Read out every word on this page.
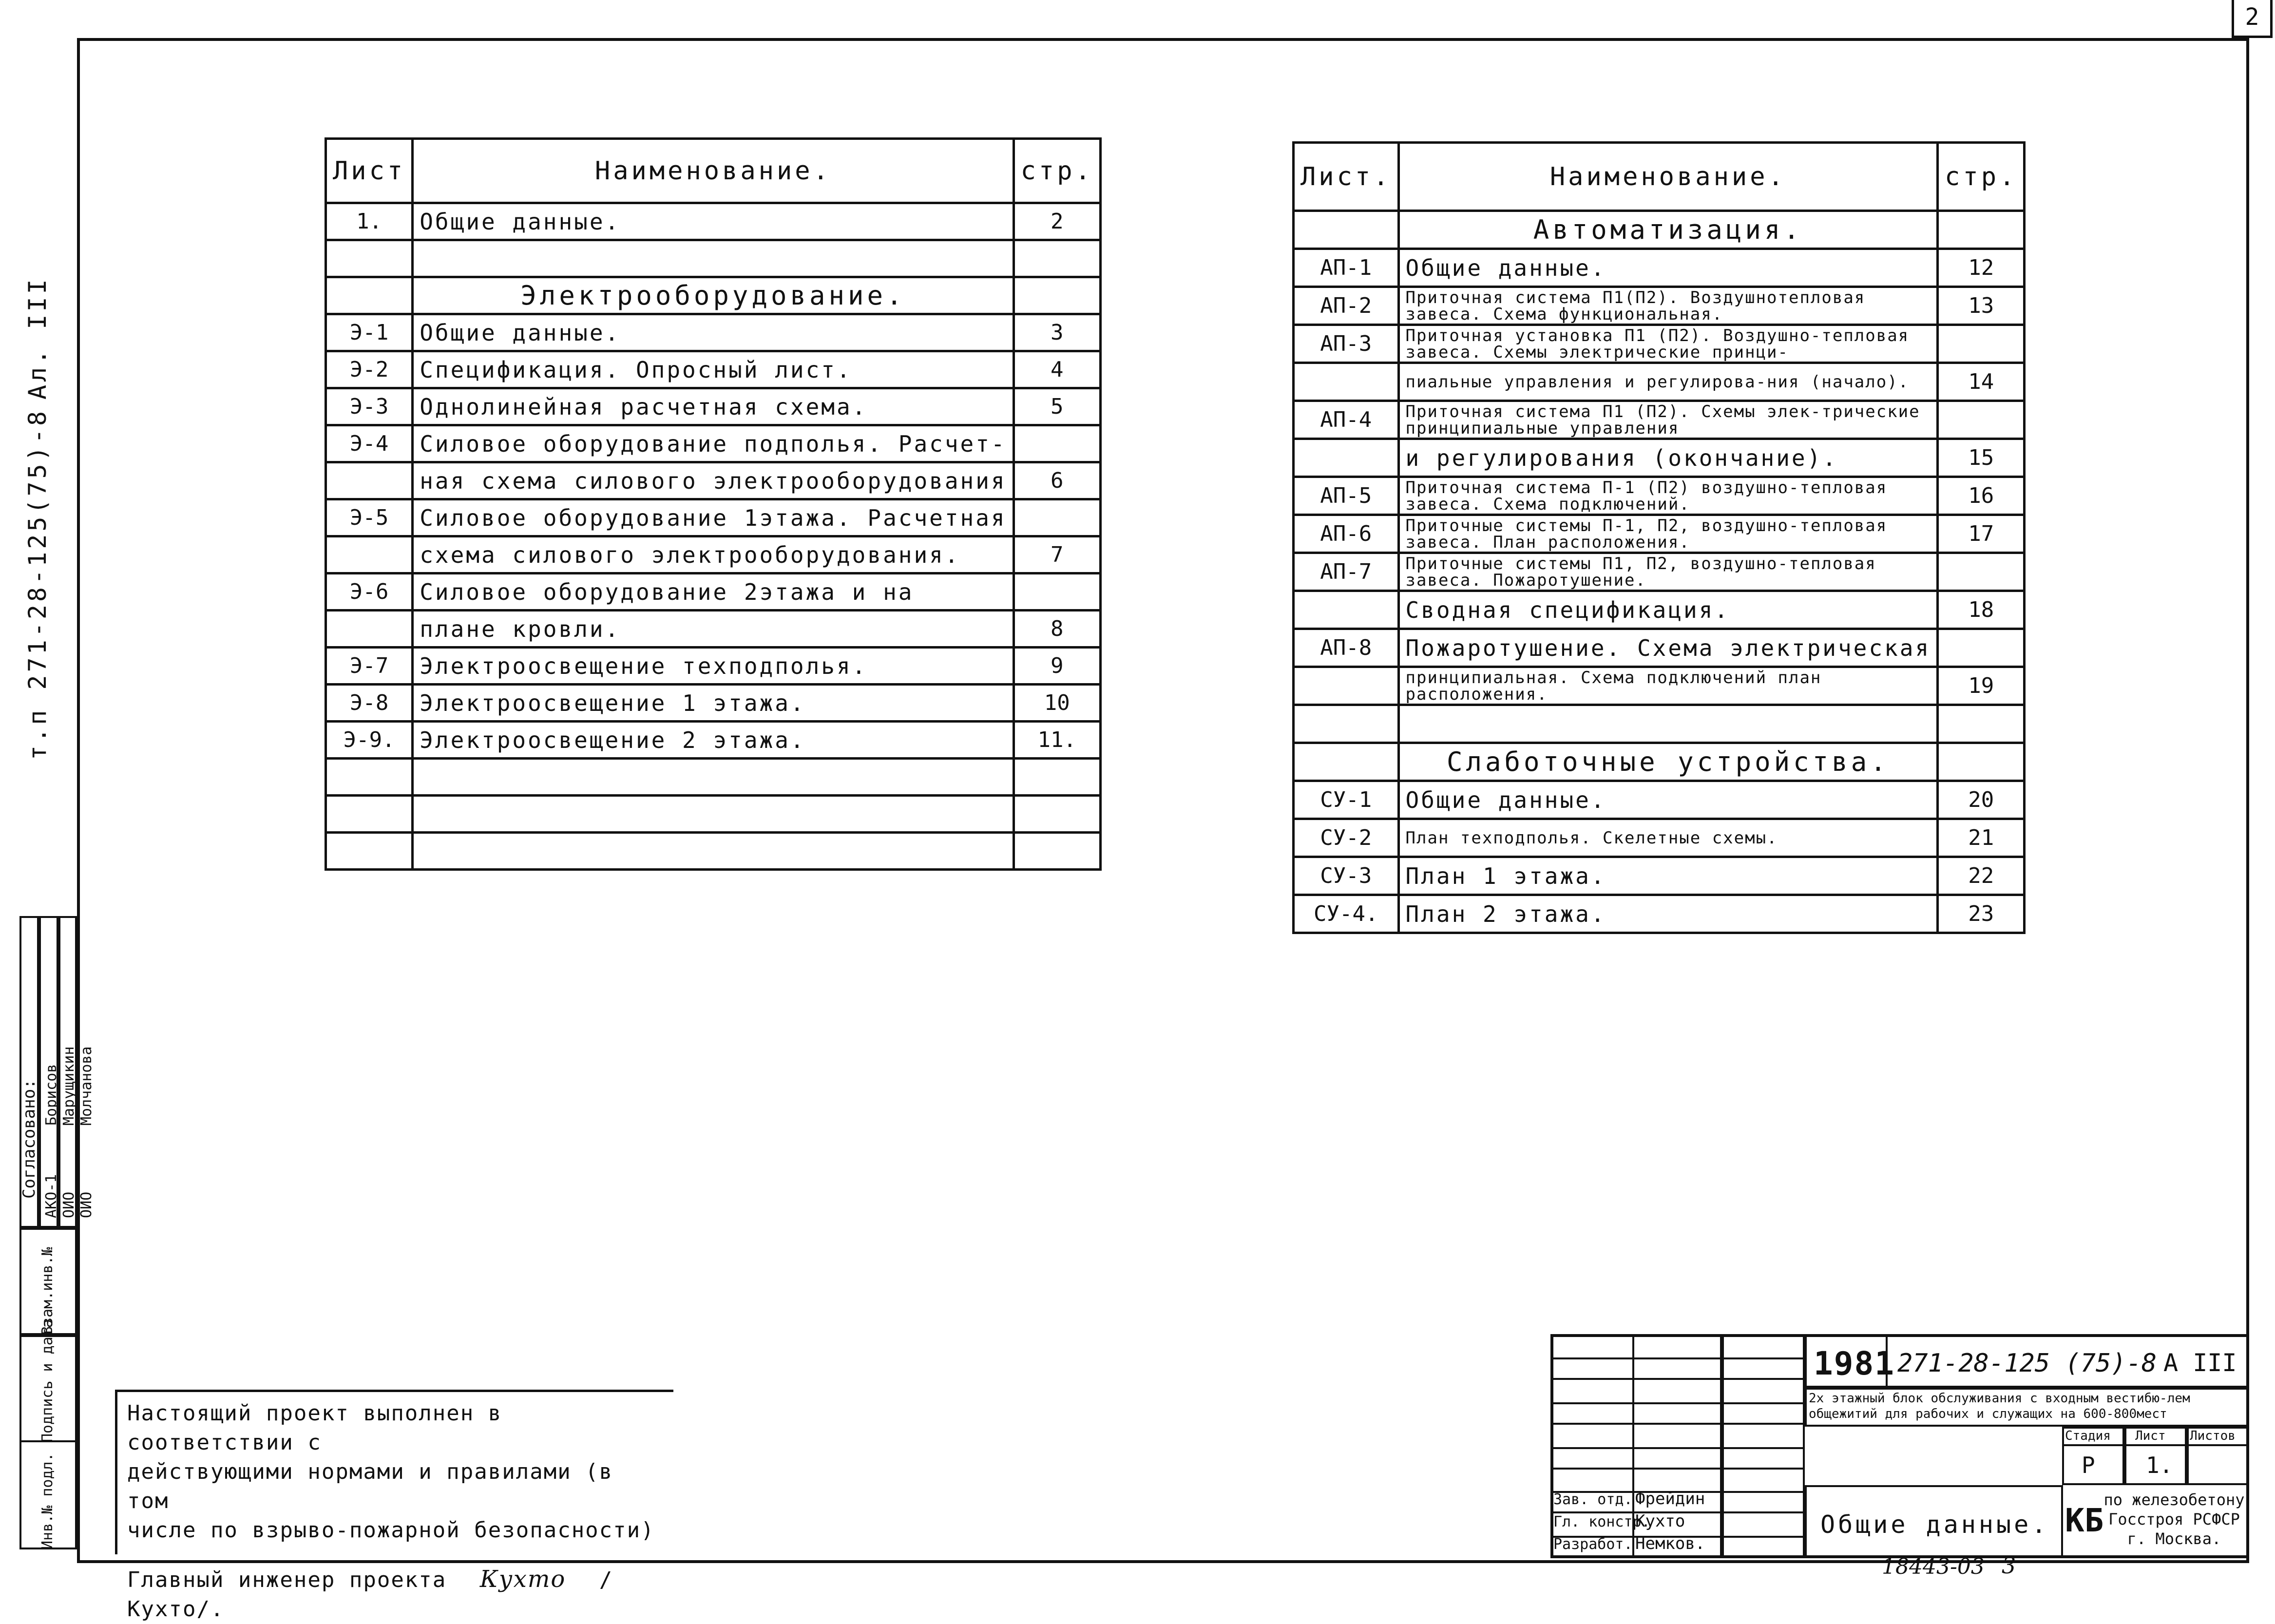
2
т.п 271-28-125(75)-8
Ал. III
Лист	Наименование.	стр.
1.	Общие данные.	2

	Электрооборудование.	
Э-1	Общие данные.	3
Э-2	Спецификация. Опросный лист.	4
Э-3	Однолинейная расчетная схема.	5
Э-4	Силовое оборудование подполья. Расчет-	
	ная схема силового электрооборудования	6
Э-5	Силовое оборудование 1этажа. Расчетная	
	схема силового электрооборудования.	7
Э-6	Силовое оборудование 2этажа и на	
	плане кровли.	8
Э-7	Электроосвещение техподполья.	9
Э-8	Электроосвещение 1 этажа.	10
Э-9.	Электроосвещение 2 этажа.	11.

Лист.	Наименование.	стр.
	Автоматизация.	
АП-1	Общие данные.	12
АП-2	Приточная система П1(П2). Воздушнотепловая завеса. Схема функциональная.	13
АП-3	Приточная установка П1 (П2). Воздушно-тепловая завеса. Схемы электрические принци-	
	пиальные управления и регулирова-ния (начало).	14
АП-4	Приточная система П1 (П2). Схемы элек-трические принципиальные управления	
	и регулирования (окончание).	15
АП-5	Приточная система П-1 (П2) воздушно-тепловая завеса. Схема подключений.	16
АП-6	Приточные системы П-1, П2, воздушно-тепловая завеса. План расположения.	17
АП-7	Приточные системы П1, П2, воздушно-тепловая завеса. Пожаротушение.	
	Сводная спецификация.	18
АП-8	Пожаротушение. Схема электрическая	
	принципиальная. Схема подключений план расположения.	19

	Слаботочные устройства.	
СУ-1	Общие данные.	20
СУ-2	План техподполья. Скелетные схемы.	21
СУ-3	План 1 этажа.	22
СУ-4.	План 2 этажа.	23
Согласовано: АКО-1
Борисов
ОИО
Марущикин
ОИО
Молчанова
Инв.№ подл.
Подпись и дата
Взам.инв.№
Настоящий проект выполнен в соответствии с
действующими нормами и правилами (в том
числе по взрыво-пожарной безопасности)
Главный инженер проекта Кухто /Кухто/.
Зав. отд. Фрейдин
Гл. констр.
Кухто
Разработ. Немков.
1981 271-28-125 (75)-8 А III
2х этажный блок обслуживания с входным вестибю-лем общежитий для рабочих и служащих на 600-800мест
Стадия Лист Листов
Р 1.
Общие данные. КБ
по железобетону Госстроя РСФСР г. Москва.
18443-03 3
